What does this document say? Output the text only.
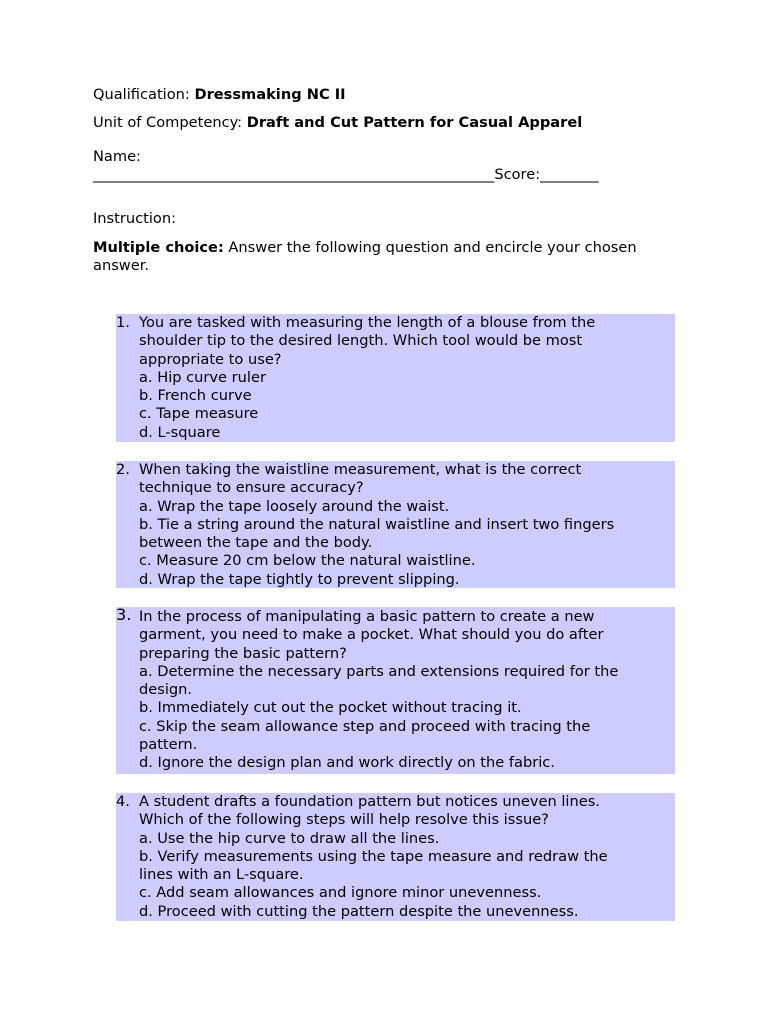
Qualification: Dressmaking NC II
Unit of Competency: Draft and Cut Pattern for Casual Apparel
Name:
_______________________________________________________Score:________
Instruction:
Multiple choice: Answer the following question and encircle your chosen
answer.
1. You are tasked with measuring the length of a blouse from the
shoulder tip to the desired length. Which tool would be most
appropriate to use?
a. Hip curve ruler
b. French curve
c. Tape measure
d. L-square
2. When taking the waistline measurement, what is the correct
technique to ensure accuracy?
a. Wrap the tape loosely around the waist.
b. Tie a string around the natural waistline and insert two fingers
between the tape and the body.
c. Measure 20 cm below the natural waistline.
d. Wrap the tape tightly to prevent slipping.
3. In the process of manipulating a basic pattern to create a new
garment, you need to make a pocket. What should you do after
preparing the basic pattern?
a. Determine the necessary parts and extensions required for the
design.
b. Immediately cut out the pocket without tracing it.
c. Skip the seam allowance step and proceed with tracing the
pattern.
d. Ignore the design plan and work directly on the fabric.
4. A student drafts a foundation pattern but notices uneven lines.
Which of the following steps will help resolve this issue?
a. Use the hip curve to draw all the lines.
b. Verify measurements using the tape measure and redraw the
lines with an L-square.
c. Add seam allowances and ignore minor unevenness.
d. Proceed with cutting the pattern despite the unevenness.
